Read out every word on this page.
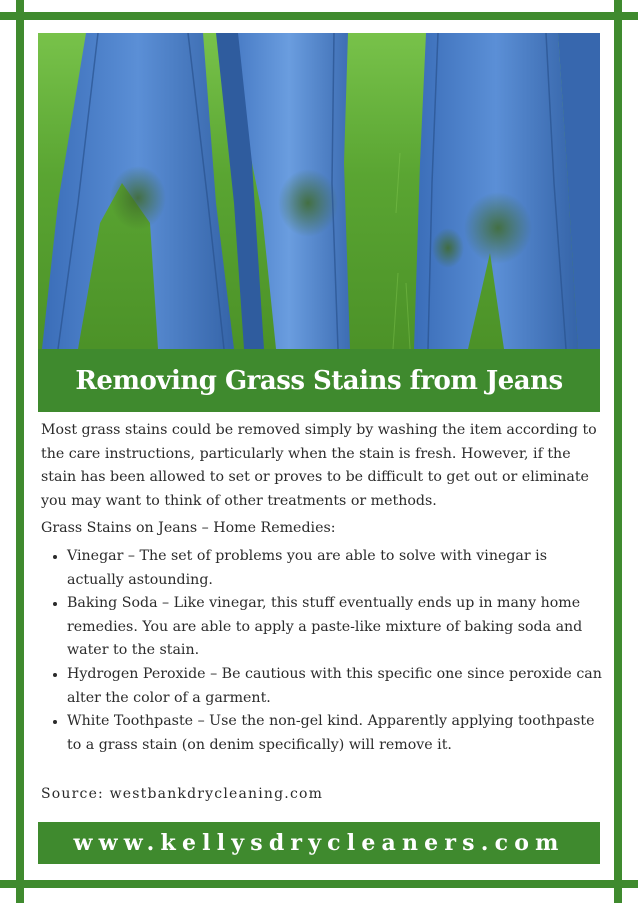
Removing Grass Stains from Jeans

Most grass stains could be removed simply by washing the item according to the care instructions, particularly when the stain is fresh. However, if the stain has been allowed to set or proves to be difficult to get out or eliminate you may want to think of other treatments or methods.

Grass Stains on Jeans – Home Remedies:

• Vinegar – The set of problems you are able to solve with vinegar is actually astounding.
• Baking Soda – Like vinegar, this stuff eventually ends up in many home remedies. You are able to apply a paste-like mixture of baking soda and water to the stain.
• Hydrogen Peroxide – Be cautious with this specific one since peroxide can alter the color of a garment.
• White Toothpaste – Use the non-gel kind. Apparently applying toothpaste to a grass stain (on denim specifically) will remove it.
Source: westbankdrycleaning.com
www.kellysdrycleaners.com
